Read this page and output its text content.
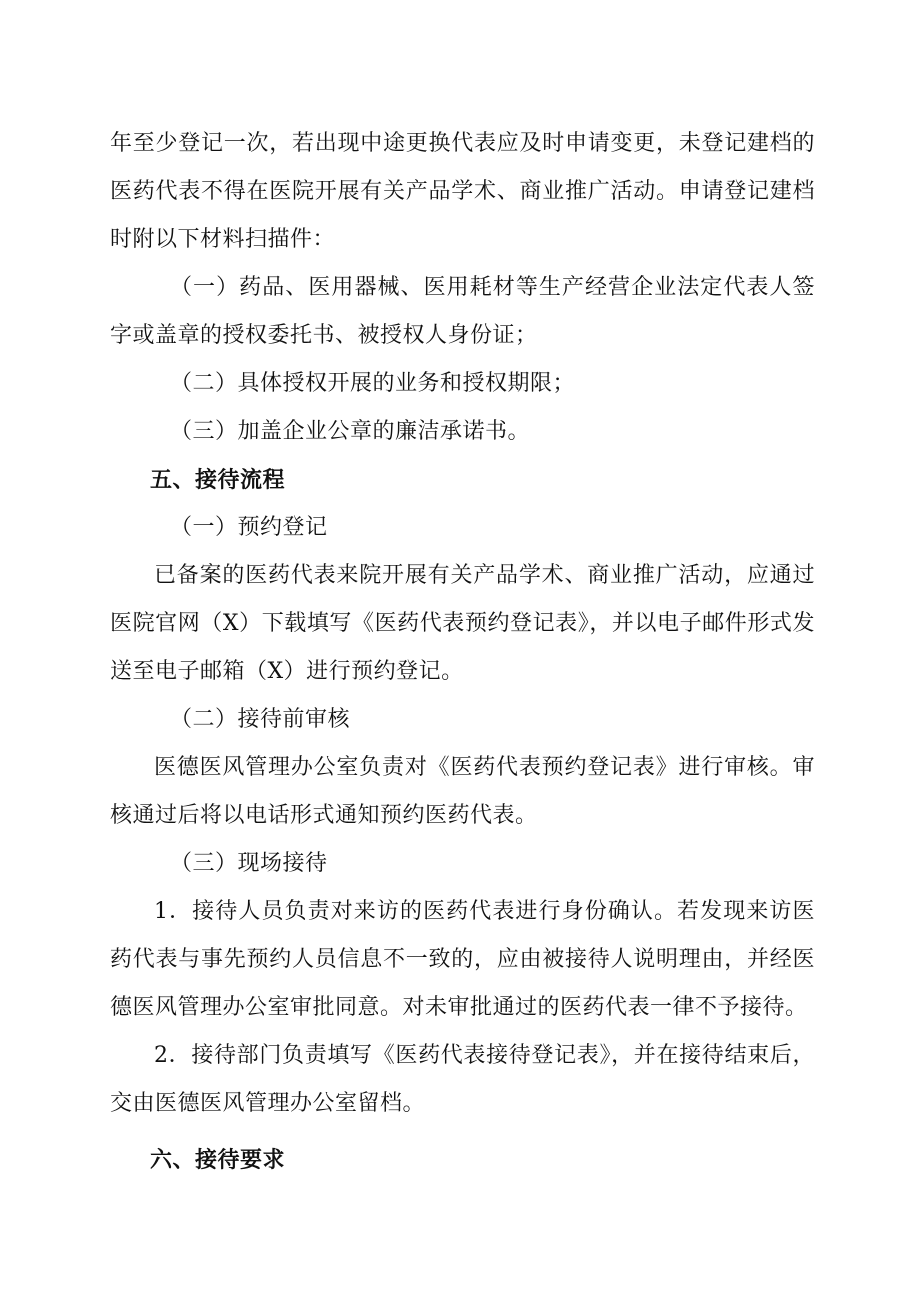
年至少登记一次，若出现中途更换代表应及时申请变更，未登记建档的医药代表不得在医院开展有关产品学术、商业推广活动。申请登记建档时附以下材料扫描件：

（一）药品、医用器械、医用耗材等生产经营企业法定代表人签字或盖章的授权委托书、被授权人身份证；

（二）具体授权开展的业务和授权期限；

（三）加盖企业公章的廉洁承诺书。

五、接待流程

（一）预约登记

已备案的医药代表来院开展有关产品学术、商业推广活动，应通过医院官网（X）下载填写《医药代表预约登记表》，并以电子邮件形式发送至电子邮箱（X）进行预约登记。

（二）接待前审核

医德医风管理办公室负责对《医药代表预约登记表》进行审核。审核通过后将以电话形式通知预约医药代表。

（三）现场接待

1．接待人员负责对来访的医药代表进行身份确认。若发现来访医药代表与事先预约人员信息不一致的，应由被接待人说明理由，并经医德医风管理办公室审批同意。对未审批通过的医药代表一律不予接待。

2．接待部门负责填写《医药代表接待登记表》，并在接待结束后，交由医德医风管理办公室留档。

六、接待要求
